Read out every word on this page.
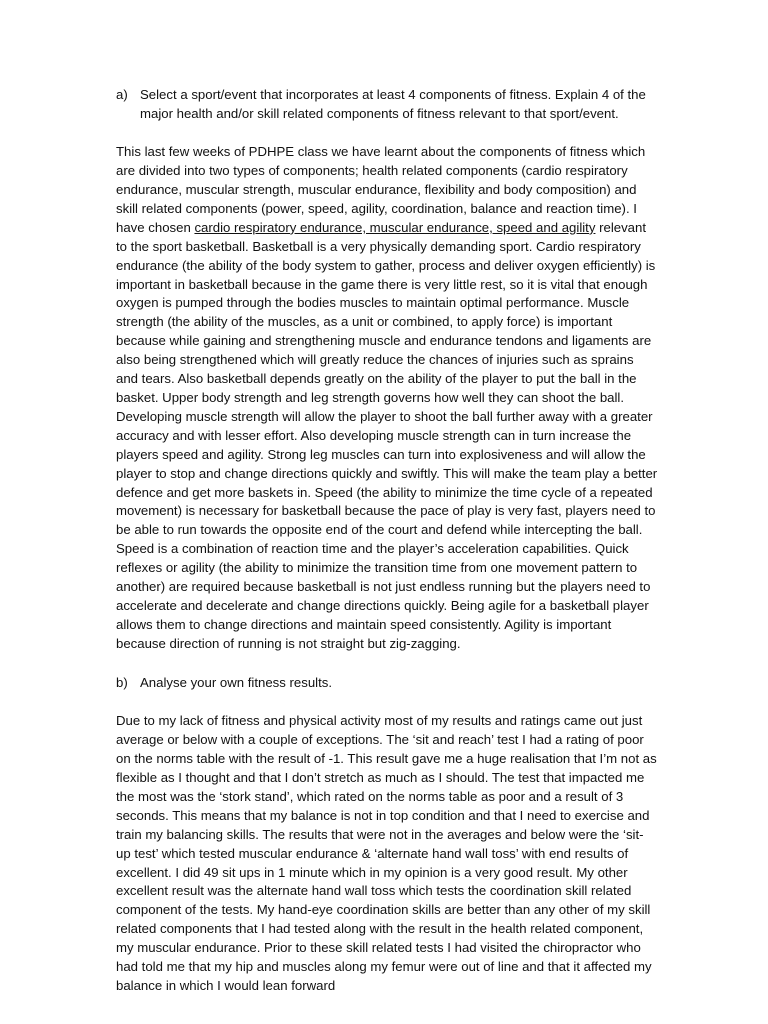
a) Select a sport/event that incorporates at least 4 components of fitness. Explain 4 of the major health and/or skill related components of fitness relevant to that sport/event.

This last few weeks of PDHPE class we have learnt about the components of fitness which are divided into two types of components; health related components (cardio respiratory endurance, muscular strength, muscular endurance, flexibility and body composition) and skill related components (power, speed, agility, coordination, balance and reaction time). I have chosen cardio respiratory endurance, muscular endurance, speed and agility relevant to the sport basketball. Basketball is a very physically demanding sport. Cardio respiratory endurance (the ability of the body system to gather, process and deliver oxygen efficiently) is important in basketball because in the game there is very little rest, so it is vital that enough oxygen is pumped through the bodies muscles to maintain optimal performance. Muscle strength (the ability of the muscles, as a unit or combined, to apply force) is important because while gaining and strengthening muscle and endurance tendons and ligaments are also being strengthened which will greatly reduce the chances of injuries such as sprains and tears. Also basketball depends greatly on the ability of the player to put the ball in the basket. Upper body strength and leg strength governs how well they can shoot the ball. Developing muscle strength will allow the player to shoot the ball further away with a greater accuracy and with lesser effort. Also developing muscle strength can in turn increase the players speed and agility. Strong leg muscles can turn into explosiveness and will allow the player to stop and change directions quickly and swiftly. This will make the team play a better defence and get more baskets in. Speed (the ability to minimize the time cycle of a repeated movement) is necessary for basketball because the pace of play is very fast, players need to be able to run towards the opposite end of the court and defend while intercepting the ball. Speed is a combination of reaction time and the player’s acceleration capabilities. Quick reflexes or agility (the ability to minimize the transition time from one movement pattern to another) are required because basketball is not just endless running but the players need to accelerate and decelerate and change directions quickly. Being agile for a basketball player allows them to change directions and maintain speed consistently. Agility is important because direction of running is not straight but zig-zagging.

b) Analyse your own fitness results.

Due to my lack of fitness and physical activity most of my results and ratings came out just average or below with a couple of exceptions. The ‘sit and reach’ test I had a rating of poor on the norms table with the result of -1. This result gave me a huge realisation that I’m not as flexible as I thought and that I don’t stretch as much as I should. The test that impacted me the most was the ‘stork stand’, which rated on the norms table as poor and a result of 3 seconds. This means that my balance is not in top condition and that I need to exercise and train my balancing skills. The results that were not in the averages and below were the ‘sit-up test’ which tested muscular endurance & ‘alternate hand wall toss’ with end results of excellent. I did 49 sit ups in 1 minute which in my opinion is a very good result. My other excellent result was the alternate hand wall toss which tests the coordination skill related component of the tests. My hand-eye coordination skills are better than any other of my skill related components that I had tested along with the result in the health related component, my muscular endurance. Prior to these skill related tests I had visited the chiropractor who had told me that my hip and muscles along my femur were out of line and that it affected my balance in which I would lean forward
